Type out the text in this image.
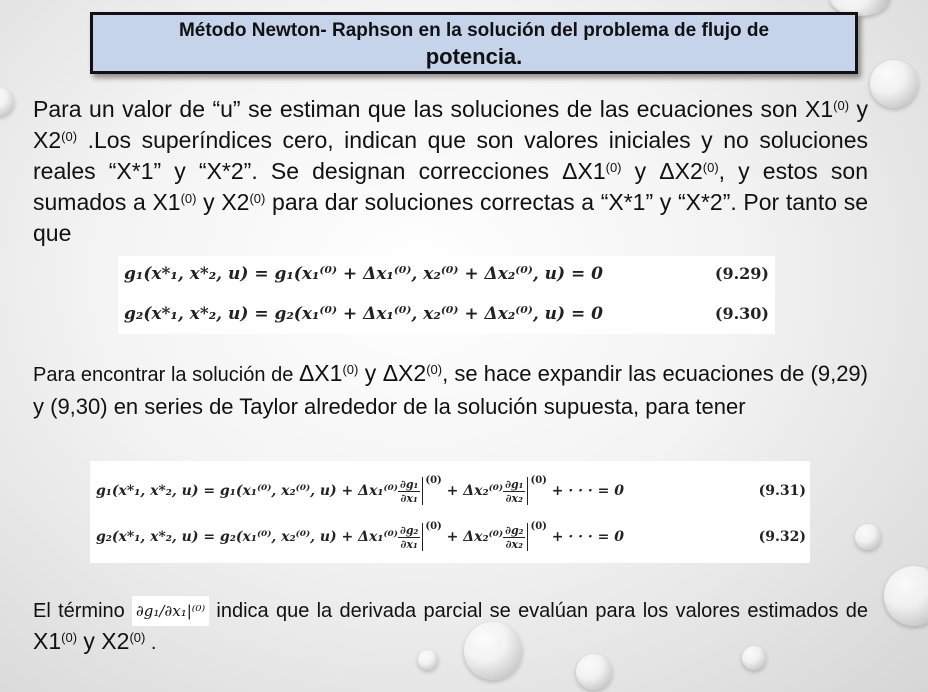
Método Newton- Raphson en la solución del problema de flujo de
potencia.
Para un valor de “u” se estiman que las soluciones de las ecuaciones son X1$^{(0)}$ y X2$^{(0)}$ .Los superíndices cero, indican que son valores iniciales y no soluciones reales “X*1” y “X*2”. Se designan correcciones ΔX1$^{(0)}$ y ΔX2$^{(0)}$, y estos son sumados a X1$^{(0)}$ y X2$^{(0)}$ para dar soluciones correctas a “X*1” y “X*2”. Por tanto se que
g₁(x*₁, x*₂, u) = g₁(x₁⁽⁰⁾ + Δx₁⁽⁰⁾, x₂⁽⁰⁾ + Δx₂⁽⁰⁾, u) = 0	(9.29)
g₂(x*₁, x*₂, u) = g₂(x₁⁽⁰⁾ + Δx₁⁽⁰⁾, x₂⁽⁰⁾ + Δx₂⁽⁰⁾, u) = 0	(9.30)
Para encontrar la solución de ΔX1$^{(0)}$ y ΔX2$^{(0)}$, se hace expandir las ecuaciones de (9,29) y (9,30) en series de Taylor alrededor de la solución supuesta, para tener
g₁(x*₁, x*₂, u) = g₁(x₁⁽⁰⁾, x₂⁽⁰⁾, $u) + \Delta x_1^{(0)} \frac{\text{∂g₁}}{\text{∂x₁}} ^{(0)} + \Delta x_2^{(0)} \frac{\text{∂g₁}}{\text{∂x₂}} ^{(0)}$ + · · · = 0	(9.31)
g₂(x*₁, x*₂, u) = g₂(x₁⁽⁰⁾, x₂⁽⁰⁾, $u) + \Delta x_1^{(0)} \frac{\text{∂g₂}}{\text{∂x₁}} ^{(0)} + \Delta x_2^{(0)} \frac{\text{∂g₂}}{\text{∂x₂}} ^{(0)}$ + · · · = 0	(9.32)
El término ∂g₁/∂x₁|⁽⁰⁾ indica que la derivada parcial se evalúan para los valores estimados de X1$^{(0)}$ y X2$^{(0)}$ .
